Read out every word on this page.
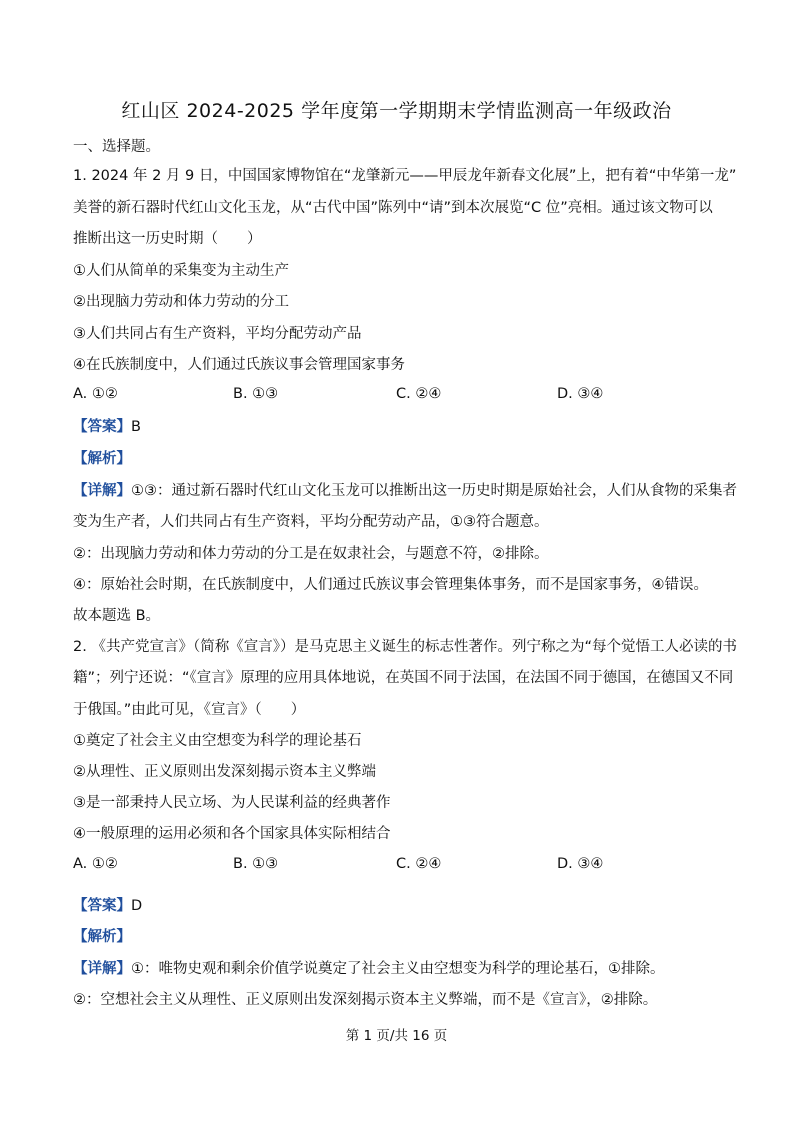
红山区 2024-2025 学年度第一学期期末学情监测高一年级政治
一、选择题。
1. 2024 年 2 月 9 日，中国国家博物馆在“龙肇新元——甲辰龙年新春文化展”上，把有着“中华第一龙”
美誉的新石器时代红山文化玉龙，从“古代中国”陈列中“请”到本次展览“C 位”亮相。通过该文物可以
推断出这一历史时期（　　）
①人们从简单的采集变为主动生产
②出现脑力劳动和体力劳动的分工
③人们共同占有生产资料，平均分配劳动产品
④在氏族制度中，人们通过氏族议事会管理国家事务
A. ①②	B. ①③	C. ②④	D. ③④
【答案】B
【解析】
【详解】①③：通过新石器时代红山文化玉龙可以推断出这一历史时期是原始社会，人们从食物的采集者
变为生产者，人们共同占有生产资料，平均分配劳动产品，①③符合题意。
②：出现脑力劳动和体力劳动的分工是在奴隶社会，与题意不符，②排除。
④：原始社会时期，在氏族制度中，人们通过氏族议事会管理集体事务，而不是国家事务，④错误。
故本题选 B。
2. 《共产党宣言》（简称《宣言》）是马克思主义诞生的标志性著作。列宁称之为“每个觉悟工人必读的书
籍”；列宁还说：“《宣言》原理的应用具体地说，在英国不同于法国，在法国不同于德国，在德国又不同
于俄国。”由此可见，《宣言》（　　）
①奠定了社会主义由空想变为科学的理论基石
②从理性、正义原则出发深刻揭示资本主义弊端
③是一部秉持人民立场、为人民谋利益的经典著作
④一般原理的运用必须和各个国家具体实际相结合
A. ①②	B. ①③	C. ②④	D. ③④
【答案】D
【解析】
【详解】①：唯物史观和剩余价值学说奠定了社会主义由空想变为科学的理论基石，①排除。
②：空想社会主义从理性、正义原则出发深刻揭示资本主义弊端，而不是《宣言》，②排除。
第 1 页/共 16 页
